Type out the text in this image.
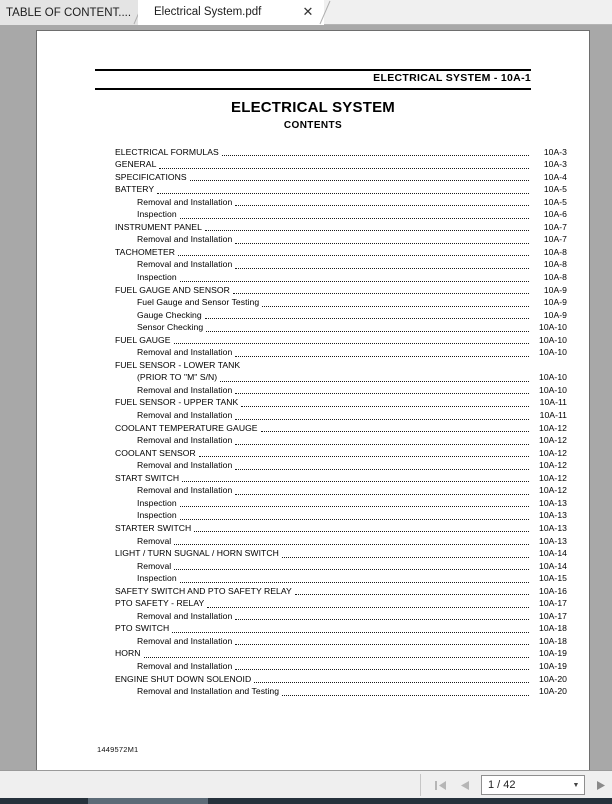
TABLE OF CONTENT.... Electrical System.pdf	✕
ELECTRICAL SYSTEM - 10A-1
ELECTRICAL SYSTEM
CONTENTS
ELECTRICAL FORMULAS	10A-3
GENERAL	10A-3
SPECIFICATIONS	10A-4
BATTERY	10A-5
Removal and Installation	10A-5
Inspection	10A-6
INSTRUMENT PANEL	10A-7
Removal and Installation	10A-7
TACHOMETER	10A-8
Removal and Installation	10A-8
Inspection	10A-8
FUEL GAUGE AND SENSOR	10A-9
Fuel Gauge and Sensor Testing	10A-9
Gauge Checking	10A-9
Sensor Checking	10A-10
FUEL GAUGE	10A-10
Removal and Installation	10A-10
FUEL SENSOR - LOWER TANK
(PRIOR TO "M" S/N)	10A-10
Removal and Installation	10A-10
FUEL SENSOR - UPPER TANK	10A-11
Removal and Installation	10A-11
COOLANT TEMPERATURE GAUGE	10A-12
Removal and Installation	10A-12
COOLANT SENSOR	10A-12
Removal and Installation	10A-12
START SWITCH	10A-12
Removal and Installation	10A-12
Inspection	10A-13
Inspection	10A-13
STARTER SWITCH	10A-13
Removal	10A-13
LIGHT / TURN SUGNAL / HORN SWITCH	10A-14
Removal	10A-14
Inspection	10A-15
SAFETY SWITCH AND PTO SAFETY RELAY	10A-16
PTO SAFETY - RELAY	10A-17
Removal and Installation	10A-17
PTO SWITCH	10A-18
Removal and Installation	10A-18
HORN	10A-19
Removal and Installation	10A-19
ENGINE SHUT DOWN SOLENOID	10A-20
Removal and Installation and Testing	10A-20
1449572M1
1 / 42	▼
